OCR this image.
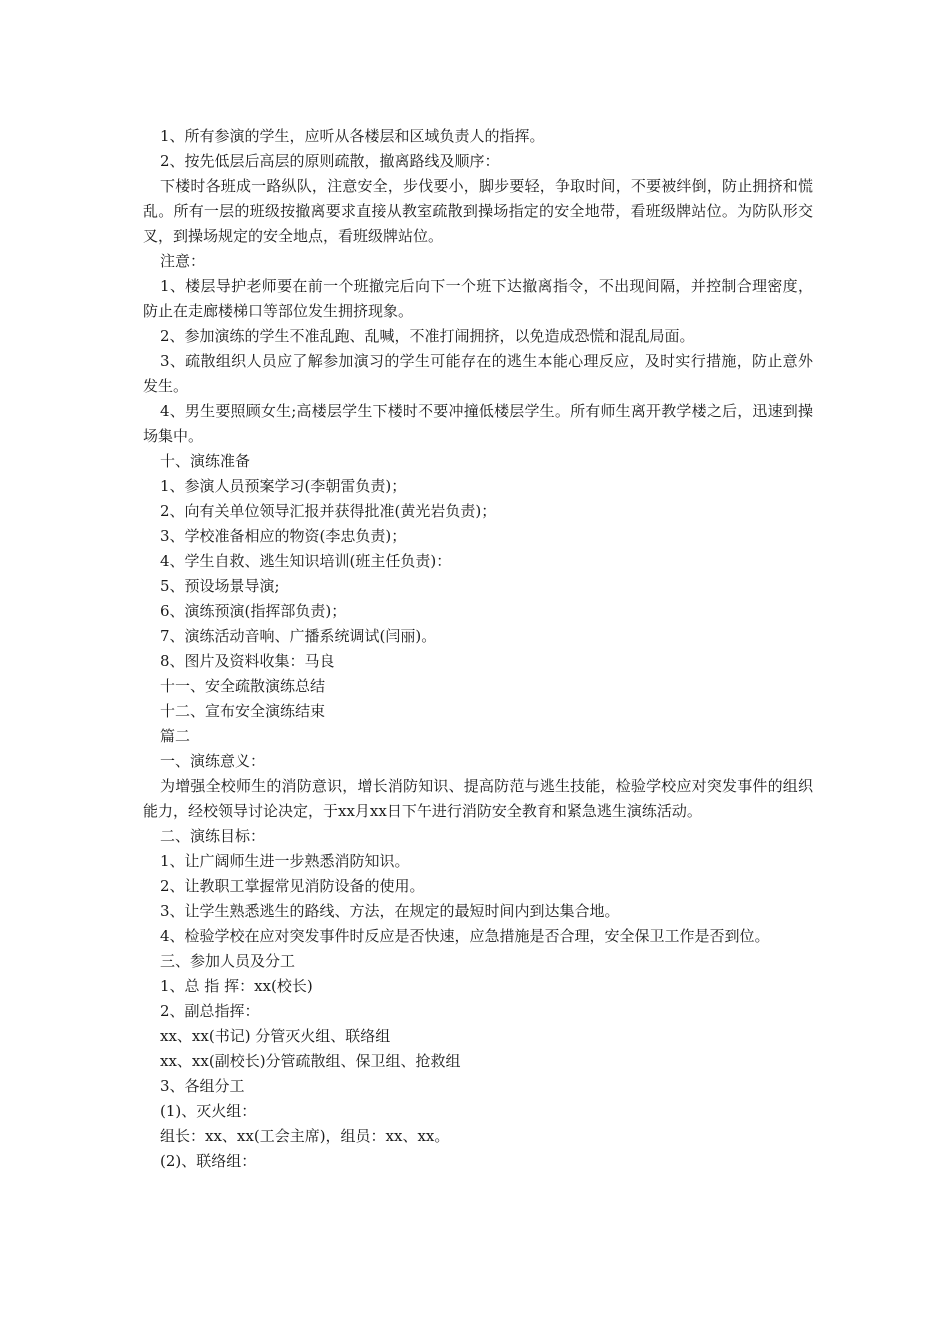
1、所有参演的学生，应听从各楼层和区域负责人的指挥。

2、按先低层后高层的原则疏散，撤离路线及顺序：

下楼时各班成一路纵队，注意安全，步伐要小，脚步要轻，争取时间，不要被绊倒，防止拥挤和慌乱。所有一层的班级按撤离要求直接从教室疏散到操场指定的安全地带，看班级牌站位。为防队形交叉，到操场规定的安全地点，看班级牌站位。

注意：

1、楼层导护老师要在前一个班撤完后向下一个班下达撤离指令，不出现间隔，并控制合理密度，防止在走廊楼梯口等部位发生拥挤现象。

2、参加演练的学生不准乱跑、乱喊，不准打闹拥挤，以免造成恐慌和混乱局面。

3、疏散组织人员应了解参加演习的学生可能存在的逃生本能心理反应，及时实行措施，防止意外发生。

4、男生要照顾女生;高楼层学生下楼时不要冲撞低楼层学生。所有师生离开教学楼之后，迅速到操场集中。

十、演练准备

1、参演人员预案学习(李朝雷负责)；

2、向有关单位领导汇报并获得批准(黄光岩负责)；

3、学校准备相应的物资(李忠负责)；

4、学生自救、逃生知识培训(班主任负责)：

5、预设场景导演;

6、演练预演(指挥部负责)；

7、演练活动音响、广播系统调试(闫丽)。

8、图片及资料收集：马良

十一、安全疏散演练总结

十二、宣布安全演练结束

篇二

一、演练意义：

为增强全校师生的消防意识，增长消防知识、提高防范与逃生技能，检验学校应对突发事件的组织能力，经校领导讨论决定，于xx月xx日下午进行消防安全教育和紧急逃生演练活动。

二、演练目标：

1、让广阔师生进一步熟悉消防知识。

2、让教职工掌握常见消防设备的使用。

3、让学生熟悉逃生的路线、方法，在规定的最短时间内到达集合地。

4、检验学校在应对突发事件时反应是否快速，应急措施是否合理，安全保卫工作是否到位。

三、参加人员及分工

1、总 指 挥：xx(校长)

2、副总指挥：

xx、xx(书记) 分管灭火组、联络组

xx、xx(副校长)分管疏散组、保卫组、抢救组

3、各组分工

(1)、灭火组：

组长：xx、xx(工会主席)，组员：xx、xx。

(2)、联络组：
